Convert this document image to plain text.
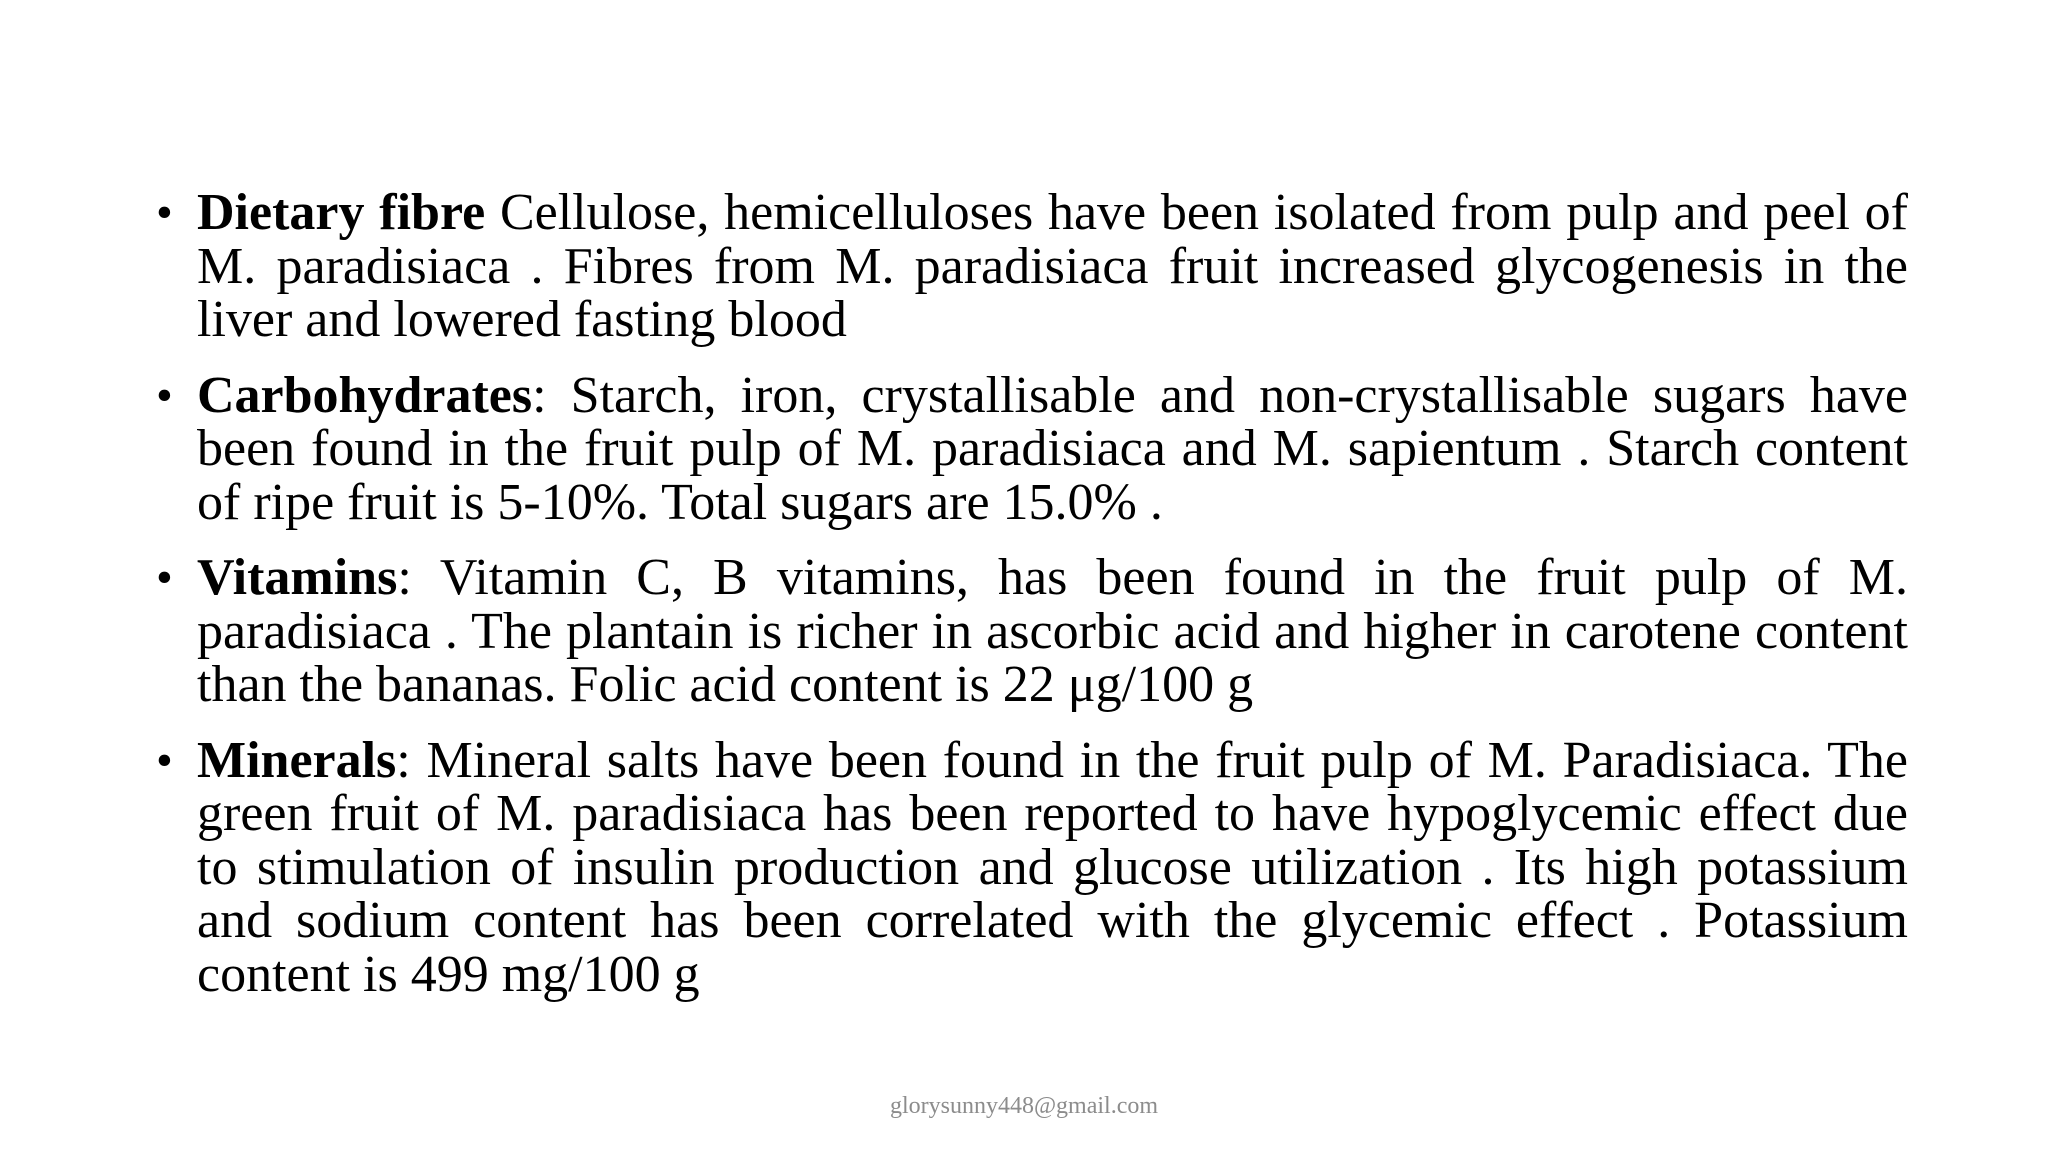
• Dietary fibre Cellulose, hemicelluloses have been isolated from pulp and peel of M. paradisiaca . Fibres from M. paradisiaca fruit increased glycogenesis in the liver and lowered fasting blood
• Carbohydrates: Starch, iron, crystallisable and non-crystallisable sugars have been found in the fruit pulp of M. paradisiaca and M. sapientum . Starch content of ripe fruit is 5-10%. Total sugars are 15.0% .
• Vitamins: Vitamin C, B vitamins, has been found in the fruit pulp of M. paradisiaca . The plantain is richer in ascorbic acid and higher in carotene content than the bananas. Folic acid content is 22 μg/100 g
• Minerals: Mineral salts have been found in the fruit pulp of M. Paradisiaca. The green fruit of M. paradisiaca has been reported to have hypoglycemic effect due to stimulation of insulin production and glucose utilization . Its high potassium and sodium content has been correlated with the glycemic effect . Potassium content is 499 mg/100 g
glorysunny448@gmail.com
